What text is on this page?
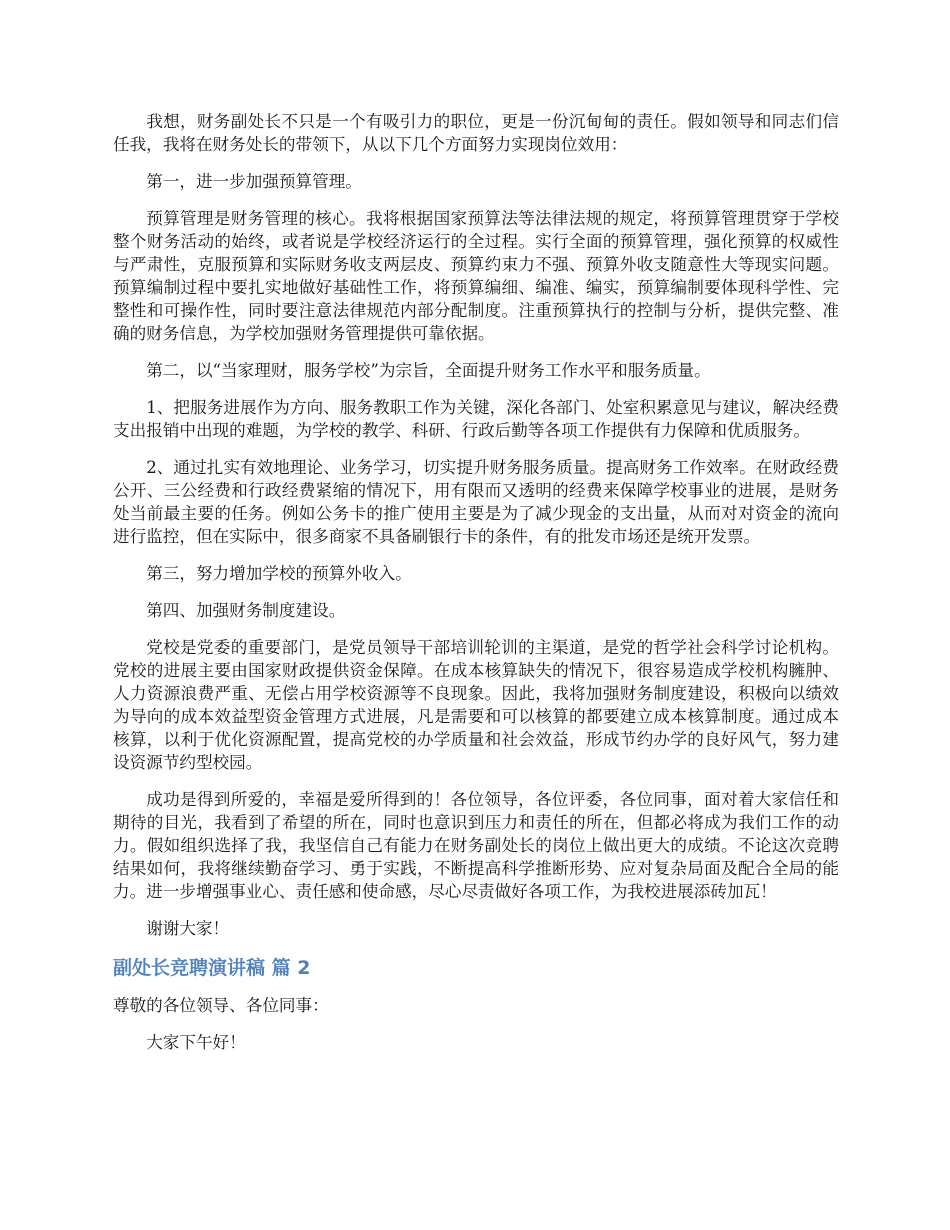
我想，财务副处长不只是一个有吸引力的职位，更是一份沉甸甸的责任。假如领导和同志们信任我，我将在财务处长的带领下，从以下几个方面努力实现岗位效用：

第一，进一步加强预算管理。

预算管理是财务管理的核心。我将根据国家预算法等法律法规的规定，将预算管理贯穿于学校整个财务活动的始终，或者说是学校经济运行的全过程。实行全面的预算管理，强化预算的权威性与严肃性，克服预算和实际财务收支两层皮、预算约束力不强、预算外收支随意性大等现实问题。预算编制过程中要扎实地做好基础性工作，将预算编细、编准、编实，预算编制要体现科学性、完整性和可操作性，同时要注意法律规范内部分配制度。注重预算执行的控制与分析，提供完整、准确的财务信息，为学校加强财务管理提供可靠依据。

第二，以“当家理财，服务学校”为宗旨，全面提升财务工作水平和服务质量。

1、把服务进展作为方向、服务教职工作为关键，深化各部门、处室积累意见与建议，解决经费支出报销中出现的难题，为学校的教学、科研、行政后勤等各项工作提供有力保障和优质服务。

2、通过扎实有效地理论、业务学习，切实提升财务服务质量。提高财务工作效率。在财政经费公开、三公经费和行政经费紧缩的情况下，用有限而又透明的经费来保障学校事业的进展，是财务处当前最主要的任务。例如公务卡的推广使用主要是为了减少现金的支出量，从而对对资金的流向进行监控，但在实际中，很多商家不具备刷银行卡的条件，有的批发市场还是统开发票。

第三，努力增加学校的预算外收入。

第四、加强财务制度建设。

党校是党委的重要部门，是党员领导干部培训轮训的主渠道，是党的哲学社会科学讨论机构。党校的进展主要由国家财政提供资金保障。在成本核算缺失的情况下，很容易造成学校机构臃肿、人力资源浪费严重、无偿占用学校资源等不良现象。因此，我将加强财务制度建设，积极向以绩效为导向的成本效益型资金管理方式进展，凡是需要和可以核算的都要建立成本核算制度。通过成本核算，以利于优化资源配置，提高党校的办学质量和社会效益，形成节约办学的良好风气，努力建设资源节约型校园。

成功是得到所爱的，幸福是爱所得到的！各位领导，各位评委，各位同事，面对着大家信任和期待的目光，我看到了希望的所在，同时也意识到压力和责任的所在，但都必将成为我们工作的动力。假如组织选择了我，我坚信自己有能力在财务副处长的岗位上做出更大的成绩。不论这次竞聘结果如何，我将继续勤奋学习、勇于实践，不断提高科学推断形势、应对复杂局面及配合全局的能力。进一步增强事业心、责任感和使命感，尽心尽责做好各项工作，为我校进展添砖加瓦！

谢谢大家！

副处长竞聘演讲稿 篇 2

尊敬的各位领导、各位同事：

大家下午好！
